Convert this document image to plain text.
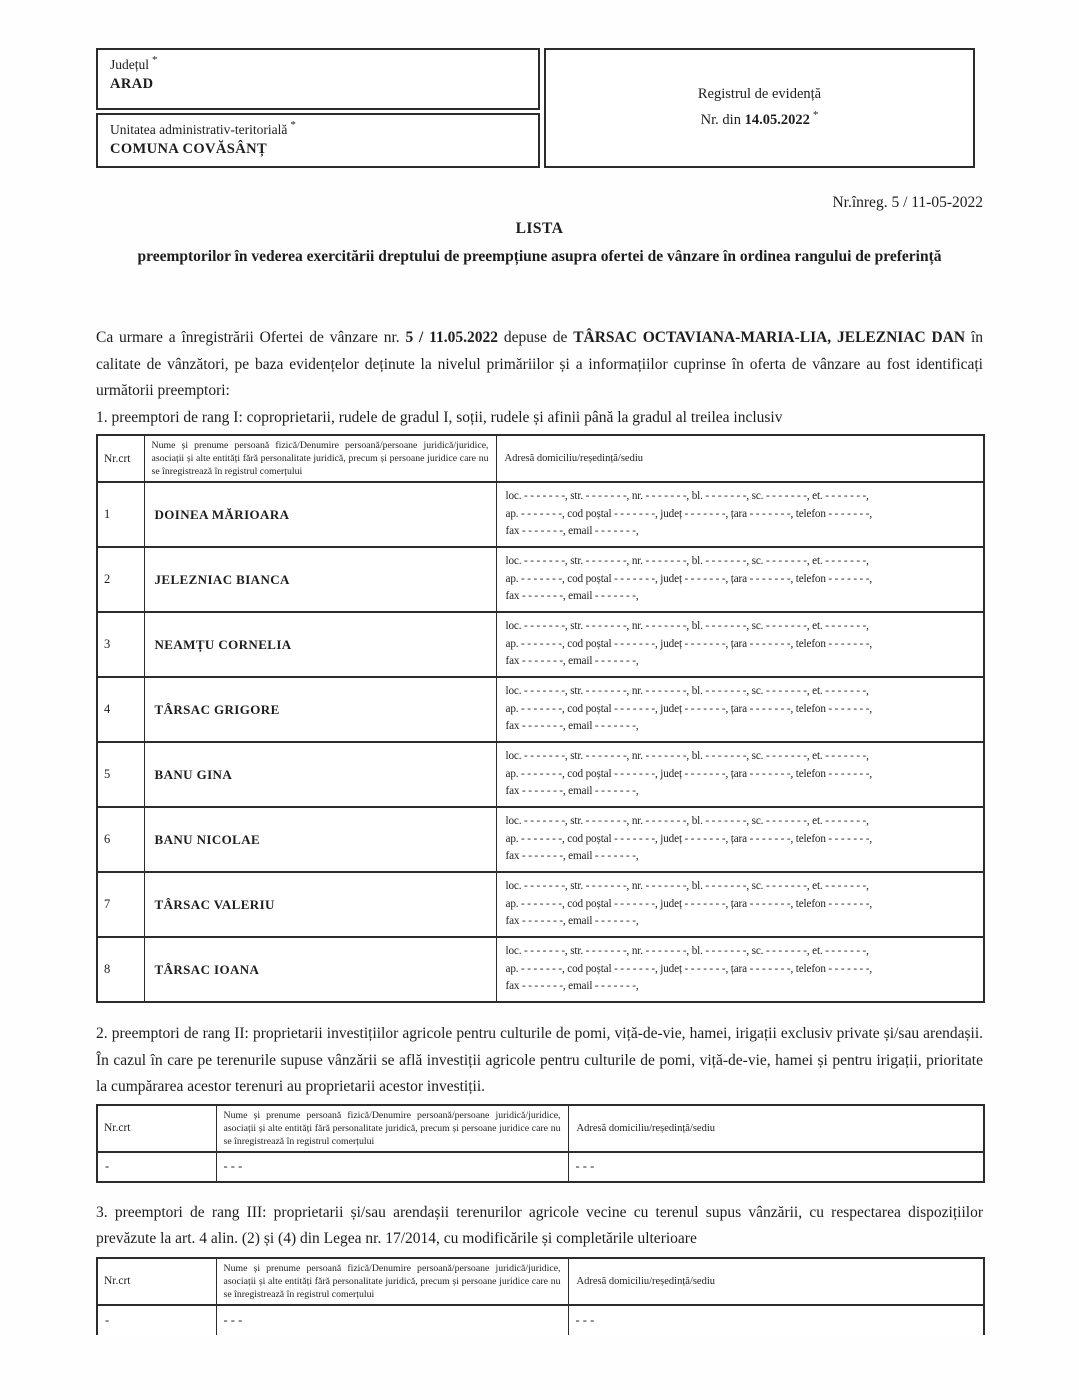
Județul *
ARAD
Unitatea administrativ-teritorială *
COMUNA COVĂSÂNȚ
Registrul de evidență
Nr. din 14.05.2022 *
Nr.înreg. 5 / 11-05-2022
LISTA
preemptorilor în vederea exercitării dreptului de preempțiune asupra ofertei de vânzare în ordinea rangului de preferință
Ca urmare a înregistrării Ofertei de vânzare nr. 5 / 11.05.2022 depuse de TÂRSAC OCTAVIANA-MARIA-LIA, JELEZNIAC DAN în calitate de vânzători, pe baza evidențelor deținute la nivelul primăriilor și a informațiilor cuprinse în oferta de vânzare au fost identificați următorii preemptori:
1. preemptori de rang I: coproprietarii, rudele de gradul I, soții, rudele și afinii până la gradul al treilea inclusiv
Nr.crt	Nume și prenume persoană fizică/Denumire persoană/persoane juridică/juridice, asociații și alte entități fără personalitate juridică, precum și persoane juridice care nu se înregistrează în registrul comerțului	Adresă domiciliu/reședință/sediu
1	DOINEA MĂRIOARA	loc. - - - - - - -, str. - - - - - - -, nr. - - - - - - -, bl. - - - - - - -, sc. - - - - - - -, et. - - - - - - -,
ap. - - - - - - -, cod poștal - - - - - - -, județ - - - - - - -, țara - - - - - - -, telefon - - - - - - -,
fax - - - - - - -, email - - - - - - -,

2	JELEZNIAC BIANCA	loc. - - - - - - -, str. - - - - - - -, nr. - - - - - - -, bl. - - - - - - -, sc. - - - - - - -, et. - - - - - - -,
ap. - - - - - - -, cod poștal - - - - - - -, județ - - - - - - -, țara - - - - - - -, telefon - - - - - - -,
fax - - - - - - -, email - - - - - - -,

3	NEAMȚU CORNELIA	loc. - - - - - - -, str. - - - - - - -, nr. - - - - - - -, bl. - - - - - - -, sc. - - - - - - -, et. - - - - - - -,
ap. - - - - - - -, cod poștal - - - - - - -, județ - - - - - - -, țara - - - - - - -, telefon - - - - - - -,
fax - - - - - - -, email - - - - - - -,

4	TÂRSAC GRIGORE	loc. - - - - - - -, str. - - - - - - -, nr. - - - - - - -, bl. - - - - - - -, sc. - - - - - - -, et. - - - - - - -,
ap. - - - - - - -, cod poștal - - - - - - -, județ - - - - - - -, țara - - - - - - -, telefon - - - - - - -,
fax - - - - - - -, email - - - - - - -,

5	BANU GINA	loc. - - - - - - -, str. - - - - - - -, nr. - - - - - - -, bl. - - - - - - -, sc. - - - - - - -, et. - - - - - - -,
ap. - - - - - - -, cod poștal - - - - - - -, județ - - - - - - -, țara - - - - - - -, telefon - - - - - - -,
fax - - - - - - -, email - - - - - - -,

6	BANU NICOLAE	loc. - - - - - - -, str. - - - - - - -, nr. - - - - - - -, bl. - - - - - - -, sc. - - - - - - -, et. - - - - - - -,
ap. - - - - - - -, cod poștal - - - - - - -, județ - - - - - - -, țara - - - - - - -, telefon - - - - - - -,
fax - - - - - - -, email - - - - - - -,

7	TÂRSAC VALERIU	loc. - - - - - - -, str. - - - - - - -, nr. - - - - - - -, bl. - - - - - - -, sc. - - - - - - -, et. - - - - - - -,
ap. - - - - - - -, cod poștal - - - - - - -, județ - - - - - - -, țara - - - - - - -, telefon - - - - - - -,
fax - - - - - - -, email - - - - - - -,

8	TÂRSAC IOANA	loc. - - - - - - -, str. - - - - - - -, nr. - - - - - - -, bl. - - - - - - -, sc. - - - - - - -, et. - - - - - - -,
ap. - - - - - - -, cod poștal - - - - - - -, județ - - - - - - -, țara - - - - - - -, telefon - - - - - - -,
fax - - - - - - -, email - - - - - - -,
2. preemptori de rang II: proprietarii investițiilor agricole pentru culturile de pomi, viță-de-vie, hamei, irigații exclusiv private și/sau arendașii. În cazul în care pe terenurile supuse vânzării se află investiții agricole pentru culturile de pomi, viță-de-vie, hamei și pentru irigații, prioritate la cumpărarea acestor terenuri au proprietarii acestor investiții.
Nr.crt	Nume și prenume persoană fizică/Denumire persoană/persoane juridică/juridice, asociații și alte entități fără personalitate juridică, precum și persoane juridice care nu se înregistrează în registrul comerțului	Adresă domiciliu/reședință/sediu
-	- - -	- - -
3. preemptori de rang III: proprietarii și/sau arendașii terenurilor agricole vecine cu terenul supus vânzării, cu respectarea dispozițiilor prevăzute la art. 4 alin. (2) și (4) din Legea nr. 17/2014, cu modificările și completările ulterioare
Nr.crt	Nume și prenume persoană fizică/Denumire persoană/persoane juridică/juridice, asociații și alte entități fără personalitate juridică, precum și persoane juridice care nu se înregistrează în registrul comerțului	Adresă domiciliu/reședință/sediu
-	- - -	- - -
